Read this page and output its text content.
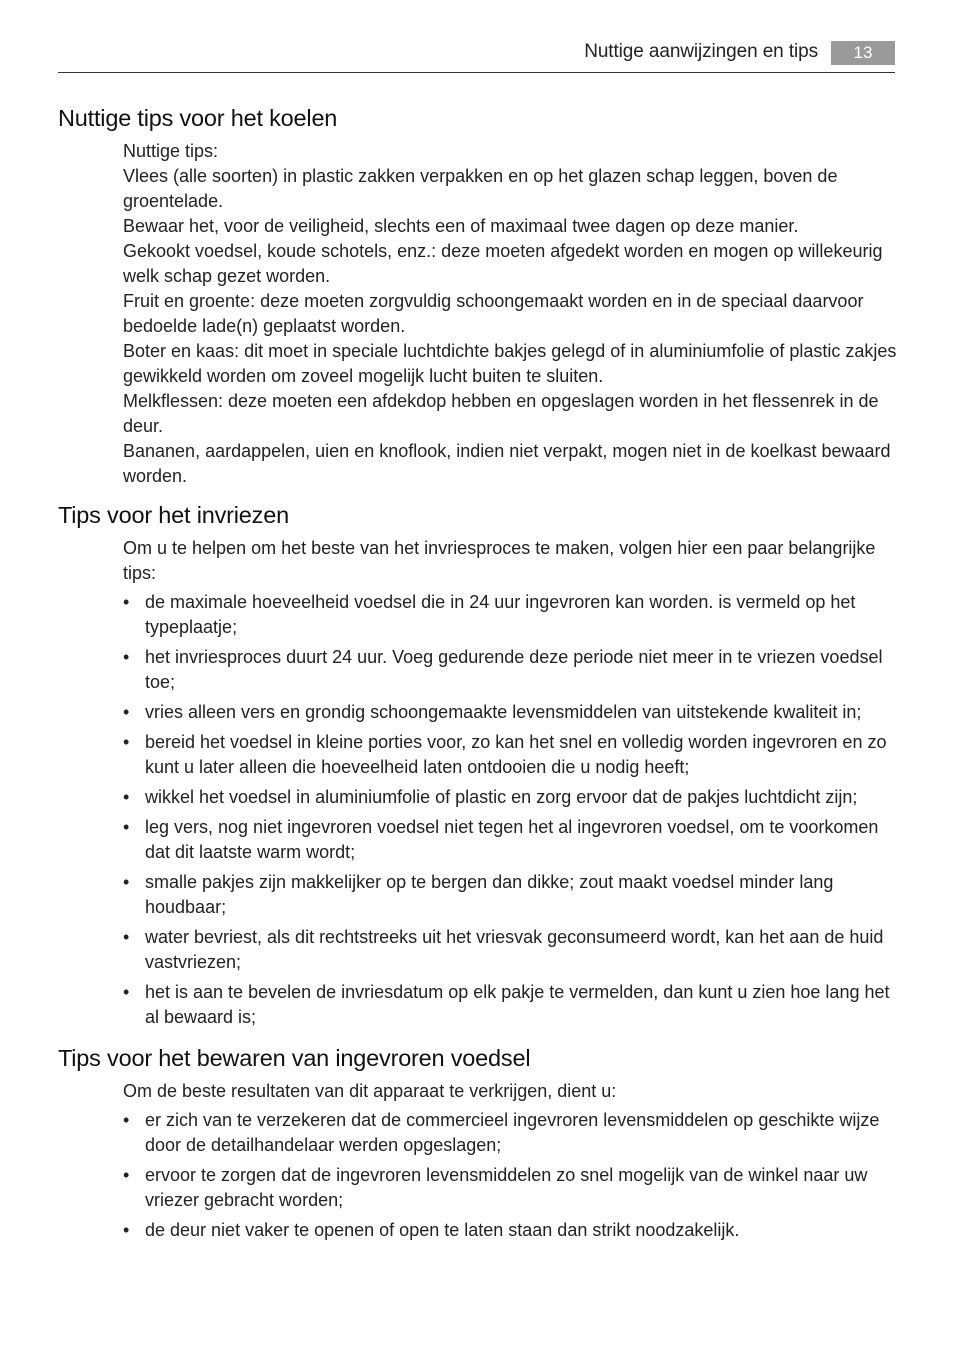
Nuttige aanwijzingen en tips	13
Nuttige tips voor het koelen

Nuttige tips:

Vlees (alle soorten) in plastic zakken verpakken en op het glazen schap leggen, boven de groentelade.

Bewaar het, voor de veiligheid, slechts een of maximaal twee dagen op deze manier.

Gekookt voedsel, koude schotels, enz.: deze moeten afgedekt worden en mogen op willekeurig welk schap gezet worden.

Fruit en groente: deze moeten zorgvuldig schoongemaakt worden en in de speciaal daarvoor bedoelde lade(n) geplaatst worden.

Boter en kaas: dit moet in speciale luchtdichte bakjes gelegd of in aluminiumfolie of plastic zakjes gewikkeld worden om zoveel mogelijk lucht buiten te sluiten.

Melkflessen: deze moeten een afdekdop hebben en opgeslagen worden in het flessenrek in de deur.

Bananen, aardappelen, uien en knoflook, indien niet verpakt, mogen niet in de koelkast bewaard worden.

Tips voor het invriezen

Om u te helpen om het beste van het invriesproces te maken, volgen hier een paar belangrijke tips:

• de maximale hoeveelheid voedsel die in 24 uur ingevroren kan worden. is vermeld op het typeplaatje;
• het invriesproces duurt 24 uur. Voeg gedurende deze periode niet meer in te vriezen voedsel toe;
• vries alleen vers en grondig schoongemaakte levensmiddelen van uitstekende kwaliteit in;
• bereid het voedsel in kleine porties voor, zo kan het snel en volledig worden ingevroren en zo kunt u later alleen die hoeveelheid laten ontdooien die u nodig heeft;
• wikkel het voedsel in aluminiumfolie of plastic en zorg ervoor dat de pakjes luchtdicht zijn;
• leg vers, nog niet ingevroren voedsel niet tegen het al ingevroren voedsel, om te voorkomen dat dit laatste warm wordt;
• smalle pakjes zijn makkelijker op te bergen dan dikke; zout maakt voedsel minder lang houdbaar;
• water bevriest, als dit rechtstreeks uit het vriesvak geconsumeerd wordt, kan het aan de huid vastvriezen;
• het is aan te bevelen de invriesdatum op elk pakje te vermelden, dan kunt u zien hoe lang het al bewaard is;
Tips voor het bewaren van ingevroren voedsel

Om de beste resultaten van dit apparaat te verkrijgen, dient u:

• er zich van te verzekeren dat de commercieel ingevroren levensmiddelen op geschikte wijze door de detailhandelaar werden opgeslagen;
• ervoor te zorgen dat de ingevroren levensmiddelen zo snel mogelijk van de winkel naar uw vriezer gebracht worden;
• de deur niet vaker te openen of open te laten staan dan strikt noodzakelijk.
